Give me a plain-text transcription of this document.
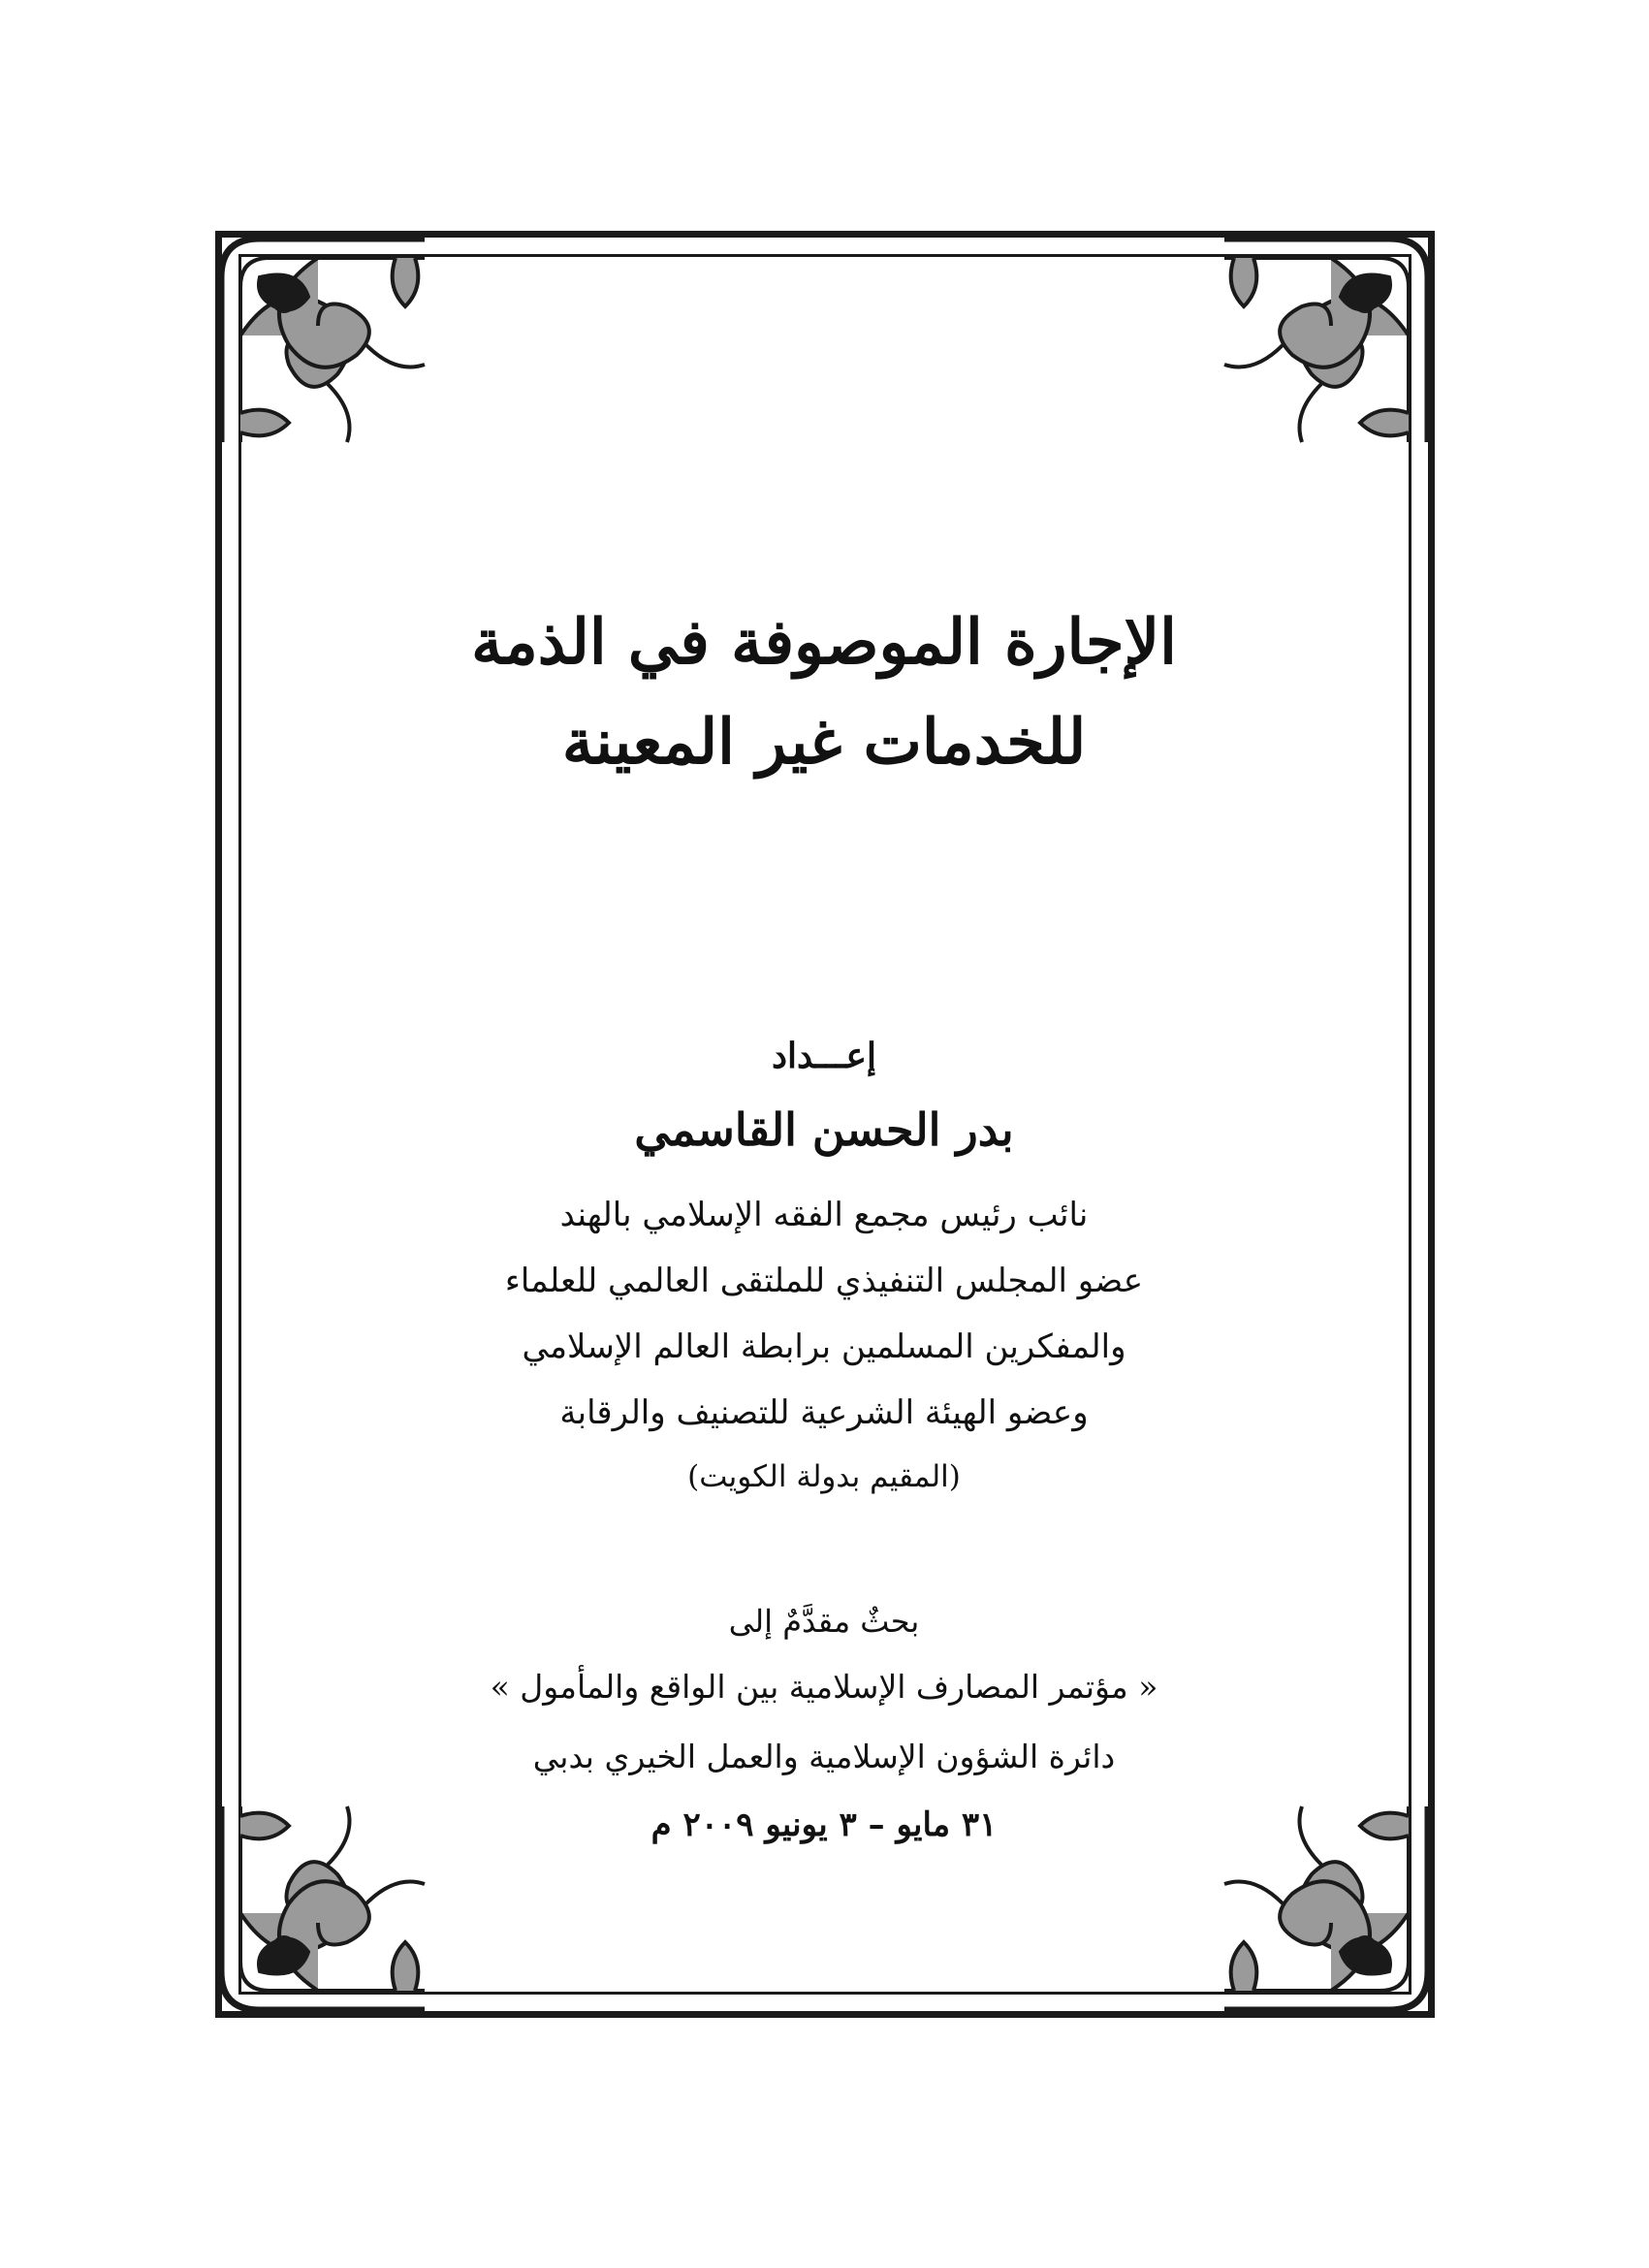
الإجارة الموصوفة في الذمة
للخدمات غير المعينة
إعـــداد
بدر الحسن القاسمي
نائب رئيس مجمع الفقه الإسلامي بالهند
عضو المجلس التنفيذي للملتقى العالمي للعلماء
والمفكرين المسلمين برابطة العالم الإسلامي
وعضو الهيئة الشرعية للتصنيف والرقابة
(المقيم بدولة الكويت)
بحثٌ مقدَّمٌ إلى
« مؤتمر المصارف الإسلامية بين الواقع والمأمول »
دائرة الشؤون الإسلامية والعمل الخيري بدبي
٣١ مايو – ٣ يونيو ٢٠٠٩ م
